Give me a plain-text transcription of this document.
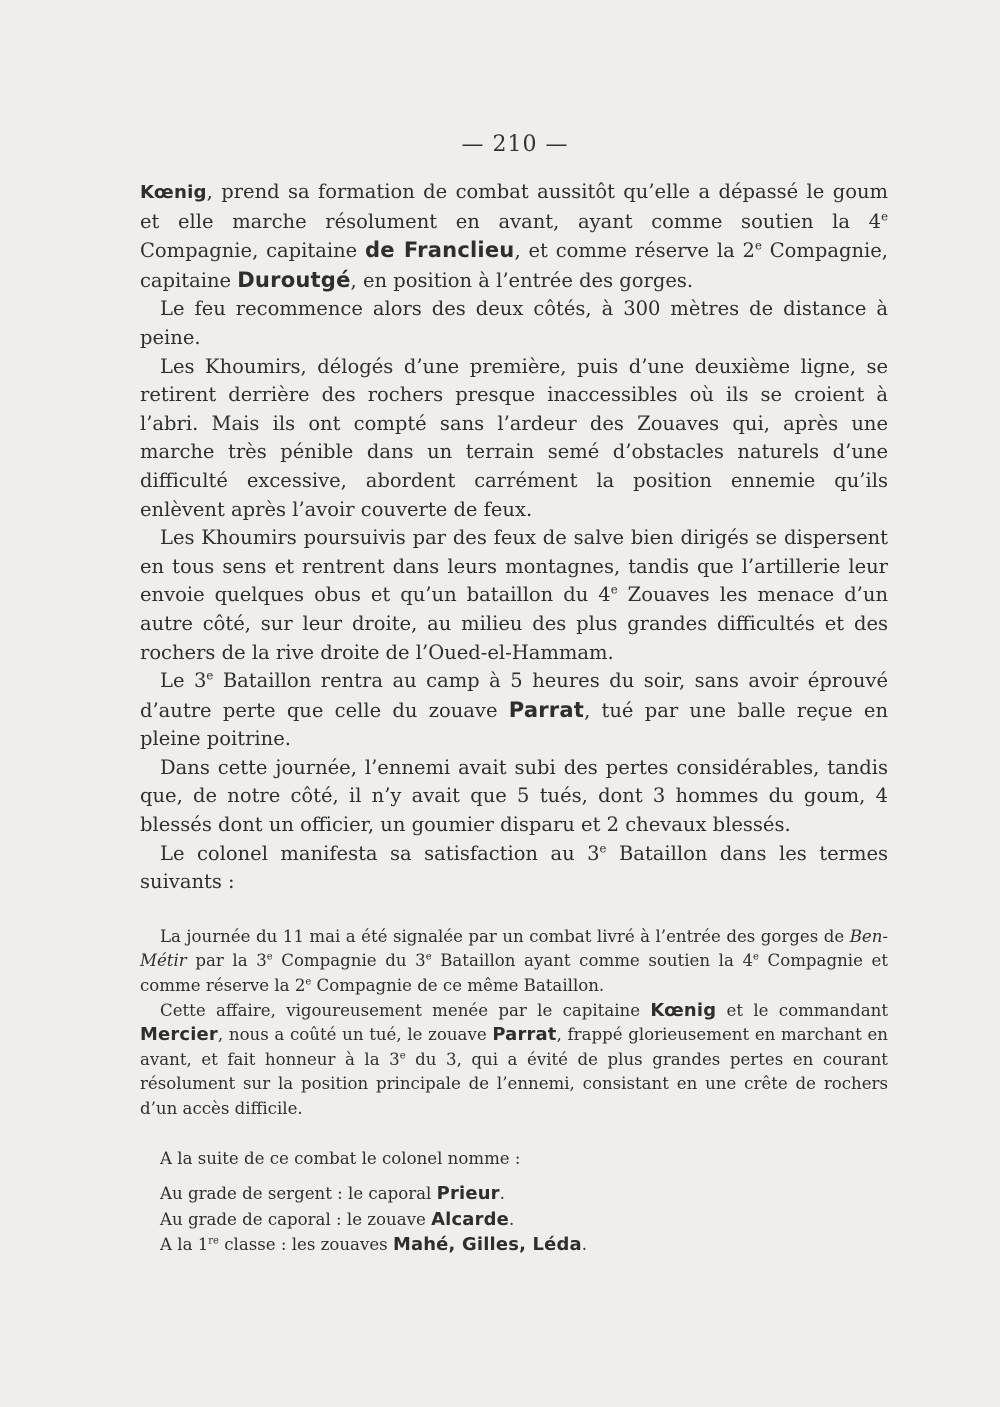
— 210 —

Kœnig, prend sa formation de combat aussitôt qu’elle a dépassé le goum et elle marche résolument en avant, ayant comme soutien la 4e Compagnie, capitaine de Franclieu, et comme réserve la 2e Compagnie, capitaine Duroutgé, en position à l’entrée des gorges.

Le feu recommence alors des deux côtés, à 300 mètres de distance à peine.

Les Khoumirs, délogés d’une première, puis d’une deuxième ligne, se retirent derrière des rochers presque inaccessibles où ils se croient à l’abri. Mais ils ont compté sans l’ardeur des Zouaves qui, après une marche très pénible dans un terrain semé d’obstacles naturels d’une difficulté excessive, abordent carrément la position ennemie qu’ils enlèvent après l’avoir couverte de feux.

Les Khoumirs poursuivis par des feux de salve bien dirigés se dispersent en tous sens et rentrent dans leurs montagnes, tandis que l’artillerie leur envoie quelques obus et qu’un bataillon du 4e Zouaves les menace d’un autre côté, sur leur droite, au milieu des plus grandes difficultés et des rochers de la rive droite de l’Oued-el-Hammam.

Le 3e Bataillon rentra au camp à 5 heures du soir, sans avoir éprouvé d’autre perte que celle du zouave Parrat, tué par une balle reçue en pleine poitrine.

Dans cette journée, l’ennemi avait subi des pertes considérables, tandis que, de notre côté, il n’y avait que 5 tués, dont 3 hommes du goum, 4 blessés dont un officier, un goumier disparu et 2 chevaux blessés.

Le colonel manifesta sa satisfaction au 3e Bataillon dans les termes suivants :

La journée du 11 mai a été signalée par un combat livré à l’entrée des gorges de Ben-Métir par la 3e Compagnie du 3e Bataillon ayant comme soutien la 4e Compagnie et comme réserve la 2e Compagnie de ce même Bataillon.

Cette affaire, vigoureusement menée par le capitaine Kœnig et le commandant Mercier, nous a coûté un tué, le zouave Parrat, frappé glorieusement en marchant en avant, et fait honneur à la 3e du 3, qui a évité de plus grandes pertes en courant résolument sur la position principale de l’ennemi, consistant en une crête de rochers d’un accès difficile.

A la suite de ce combat le colonel nomme :

Au grade de sergent : le caporal Prieur.

Au grade de caporal : le zouave Alcarde.

A la 1re classe : les zouaves Mahé, Gilles, Léda.
